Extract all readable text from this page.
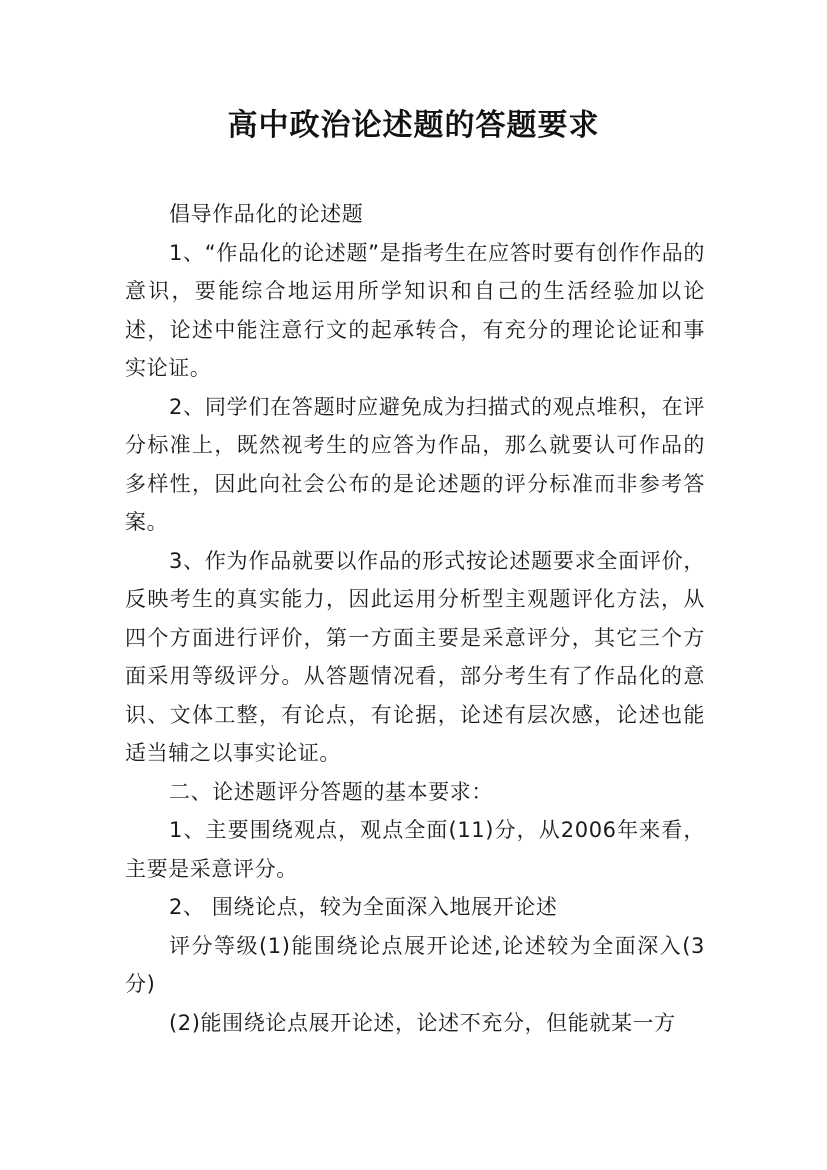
高中政治论述题的答题要求

倡导作品化的论述题

1、“作品化的论述题”是指考生在应答时要有创作作品的意识，要能综合地运用所学知识和自己的生活经验加以论述，论述中能注意行文的起承转合，有充分的理论论证和事实论证。

2、同学们在答题时应避免成为扫描式的观点堆积，在评分标准上，既然视考生的应答为作品，那么就要认可作品的多样性，因此向社会公布的是论述题的评分标准而非参考答案。

3、作为作品就要以作品的形式按论述题要求全面评价，反映考生的真实能力，因此运用分析型主观题评化方法，从四个方面进行评价，第一方面主要是采意评分，其它三个方面采用等级评分。从答题情况看，部分考生有了作品化的意识、文体工整，有论点，有论据，论述有层次感，论述也能适当辅之以事实论证。

二、论述题评分答题的基本要求：

1、主要围绕观点，观点全面(11)分，从2006年来看，主要是采意评分。

2、 围绕论点，较为全面深入地展开论述

评分等级(1)能围绕论点展开论述,论述较为全面深入(3分)

(2)能围绕论点展开论述，论述不充分，但能就某一方
